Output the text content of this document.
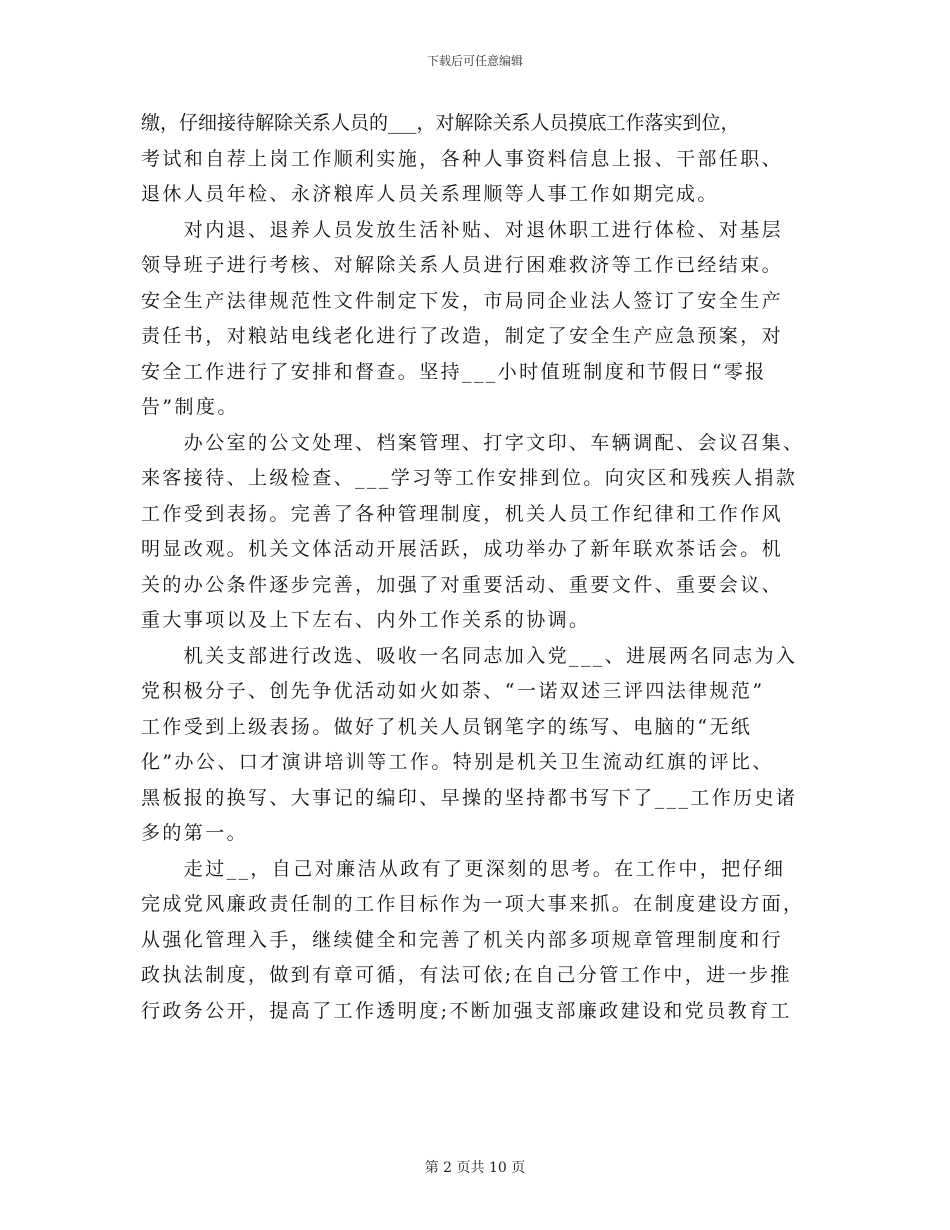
下载后可任意编辑
缴，仔细接待解除关系人员的___，对解除关系人员摸底工作落实到位，
考试和自荐上岗工作顺利实施，各种人事资料信息上报、干部任职、
退休人员年检、永济粮库人员关系理顺等人事工作如期完成。
　　对内退、退养人员发放生活补贴、对退休职工进行体检、对基层
领导班子进行考核、对解除关系人员进行困难救济等工作已经结束。
安全生产法律规范性文件制定下发，市局同企业法人签订了安全生产
责任书，对粮站电线老化进行了改造，制定了安全生产应急预案，对
安全工作进行了安排和督查。坚持___小时值班制度和节假日“零报
告”制度。
　　办公室的公文处理、档案管理、打字文印、车辆调配、会议召集、
来客接待、上级检查、___学习等工作安排到位。向灾区和残疾人捐款
工作受到表扬。完善了各种管理制度，机关人员工作纪律和工作作风
明显改观。机关文体活动开展活跃，成功举办了新年联欢茶话会。机
关的办公条件逐步完善，加强了对重要活动、重要文件、重要会议、
重大事项以及上下左右、内外工作关系的协调。
　　机关支部进行改选、吸收一名同志加入党___、进展两名同志为入
党积极分子、创先争优活动如火如荼、“一诺双述三评四法律规范”
工作受到上级表扬。做好了机关人员钢笔字的练写、电脑的“无纸
化”办公、口才演讲培训等工作。特别是机关卫生流动红旗的评比、
黑板报的换写、大事记的编印、早操的坚持都书写下了___工作历史诸
多的第一。
　　走过__，自己对廉洁从政有了更深刻的思考。在工作中，把仔细
完成党风廉政责任制的工作目标作为一项大事来抓。在制度建设方面，
从强化管理入手，继续健全和完善了机关内部多项规章管理制度和行
政执法制度，做到有章可循，有法可依;在自己分管工作中，进一步推
行政务公开，提高了工作透明度;不断加强支部廉政建设和党员教育工
第 2 页共 10 页
